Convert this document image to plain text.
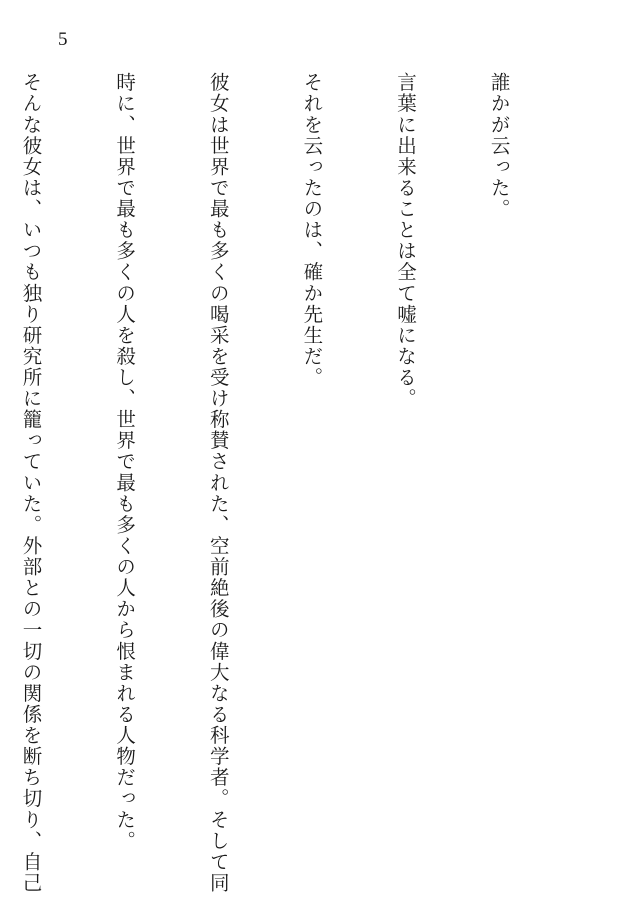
5

誰かが云った。

言葉に出来ることは全て嘘になる。

それを云ったのは、確か先生だ。

彼女は世界で最も多くの喝采を受け称賛された、空前絶後の偉大なる科学者。そして同

時に、世界で最も多くの人を殺し、世界で最も多くの人から恨まれる人物だった。

そんな彼女は、いつも独り研究所に籠っていた。外部との一切の関係を断ち切り、自己
